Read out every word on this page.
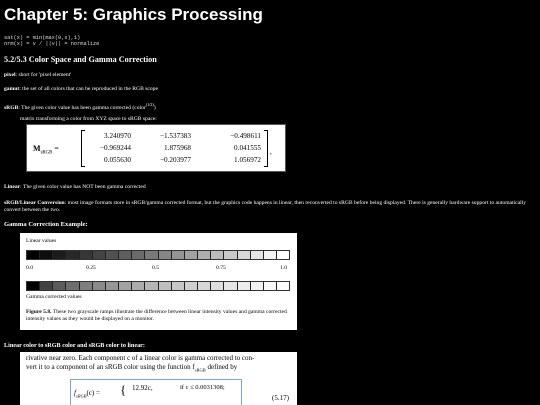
Chapter 5: Graphics Processing
sat(x) = min(max(0,x),1)
nrm(x) = v / ||v|| = normalize
5.2/5.3 Color Space and Gamma Correction
pixel: short for 'pixel element'
gamut: the set of all colors that can be reproduced in the RGB scope
sRGB: The given color value has been gamma corrected (color$^{(1/2)}$)
matrix transforming a color from XYZ space to sRGB space:
$M_{sRGB}$ =	,
3.240970	−1.537383	−0.498611
−0.969244	1.875968	0.041555
0.055630	−0.203977	1.056972
Linear: The given color value has NOT been gamma corrected
sRGB/Linear Conversion: most image formats store in sRGB/gamma corrected format, but the graphics code happens in linear, then reconverted to sRGB before being displayed. There is generally hardware support to automatically convert between the two.
Gamma Correction Example:
Linear values
0.0	0.25	0.5	0.75	1.0
Gamma corrected values
Figure 5.8. These two grayscale ramps illustrate the difference between linear intensity values and gamma corrected intensity values as they would be displayed on a monitor.
Linear color to sRGB color and sRGB color to linear:
rivative near zero. Each component c of a linear color is gamma corrected to con-
vert it to a component of an sRGB color using the function $f_{sRGB}$ defined by
$f_{sRGB}(c)$ = { 12.92c,	if c ≤ 0.0031308;
(5.17)
